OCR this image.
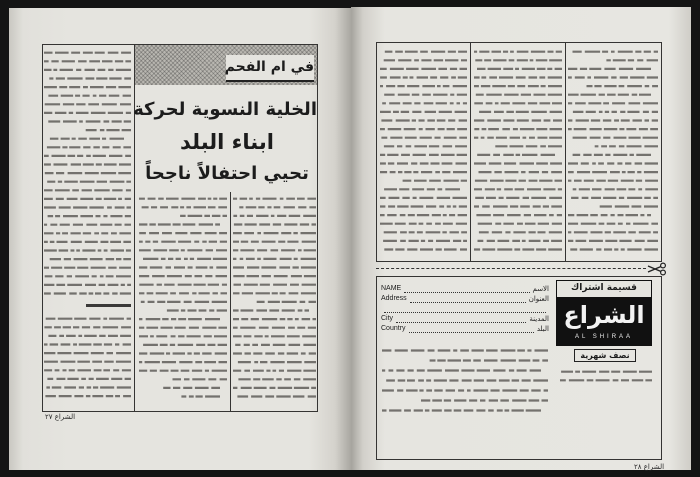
في ام الفحم
الخلية النسوية لحركة
ابناء البلد
تحيي احتفالاً ناجحاً
الشراع ٢٧
NAME	الاسم
Address	العنوان
City	المدينة
Country	البلد
قسيمة اشتراك
الشراع
AL SHIRAA
نصف شهرية
الشراع ٢٨
